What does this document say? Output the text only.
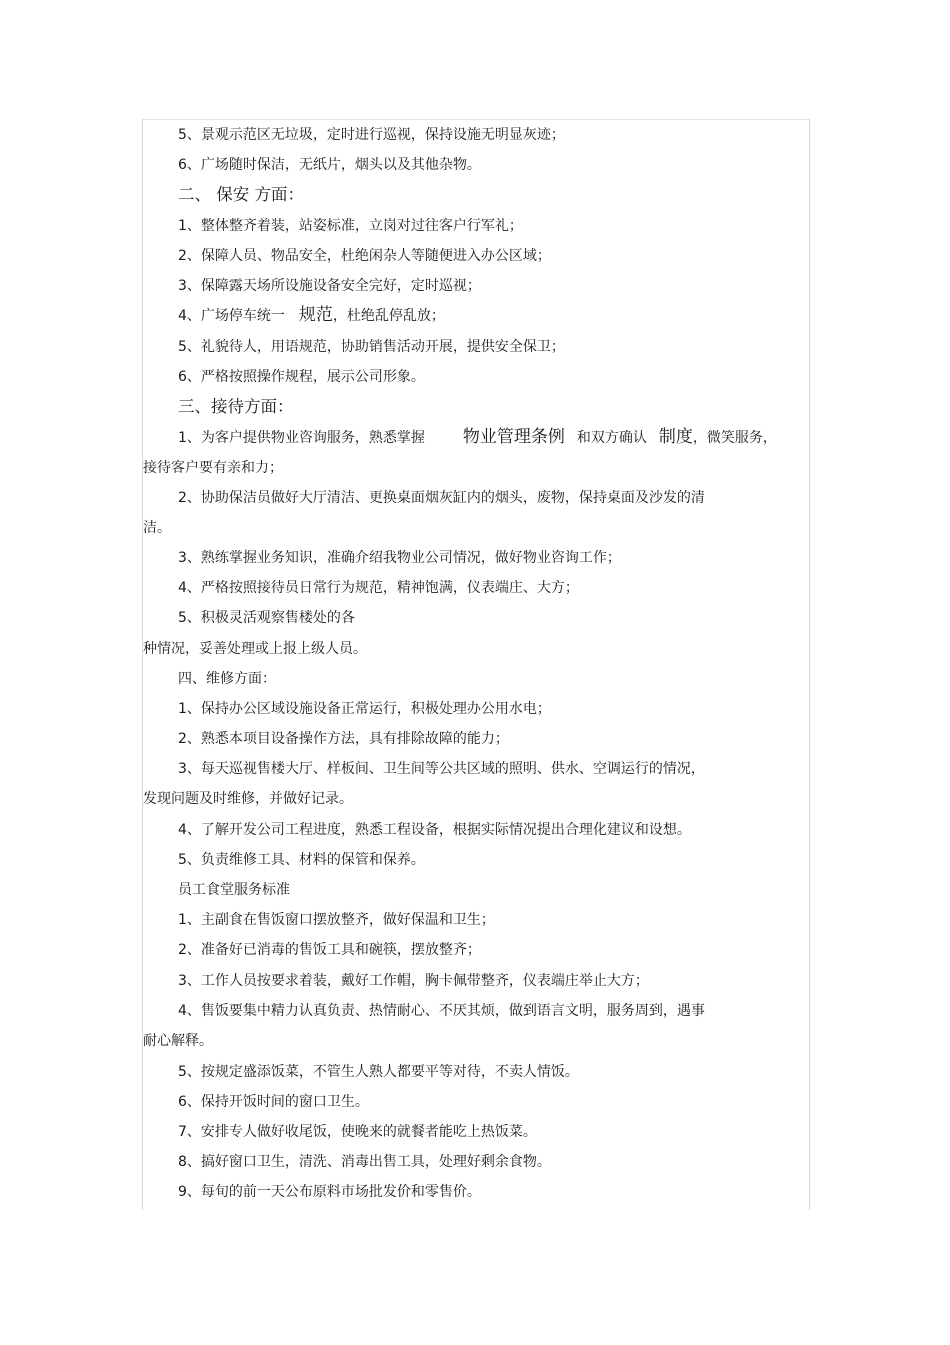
5、景观示范区无垃圾，定时进行巡视，保持设施无明显灰迹；
6、广场随时保洁，无纸片，烟头以及其他杂物。
二、 保安 方面：
1、整体整齐着装，站姿标准，立岗对过往客户行军礼；
2、保障人员、物品安全，杜绝闲杂人等随便进入办公区域；
3、保障露天场所设施设备安全完好，定时巡视；
4、广场停车统一 规范，杜绝乱停乱放；
5、礼貌待人，用语规范，协助销售活动开展，提供安全保卫；
6、严格按照操作规程，展示公司形象。
三、接待方面：
1、为客户提供物业咨询服务，熟悉掌握 物业管理条例 和双方确认 制度，微笑服务，
接待客户要有亲和力；
2、协助保洁员做好大厅清洁、更换桌面烟灰缸内的烟头，废物，保持桌面及沙发的清
洁。
3、熟练掌握业务知识，准确介绍我物业公司情况，做好物业咨询工作；
4、严格按照接待员日常行为规范，精神饱满，仪表端庄、大方；
5、积极灵活观察售楼处的各
种情况，妥善处理或上报上级人员。
四、维修方面：
1、保持办公区域设施设备正常运行，积极处理办公用水电；
2、熟悉本项目设备操作方法，具有排除故障的能力；
3、每天巡视售楼大厅、样板间、卫生间等公共区域的照明、供水、空调运行的情况，
发现问题及时维修，并做好记录。
4、了解开发公司工程进度，熟悉工程设备，根据实际情况提出合理化建议和设想。
5、负责维修工具、材料的保管和保养。
员工食堂服务标准
1、主副食在售饭窗口摆放整齐，做好保温和卫生；
2、准备好已消毒的售饭工具和碗筷，摆放整齐；
3、工作人员按要求着装，戴好工作帽，胸卡佩带整齐，仪表端庄举止大方；
4、售饭要集中精力认真负责、热情耐心、不厌其烦，做到语言文明，服务周到，遇事
耐心解释。
5、按规定盛添饭菜，不管生人熟人都要平等对待，不卖人情饭。
6、保持开饭时间的窗口卫生。
7、安排专人做好收尾饭，使晚来的就餐者能吃上热饭菜。
8、搞好窗口卫生，清洗、消毒出售工具，处理好剩余食物。
9、每旬的前一天公布原料市场批发价和零售价。
